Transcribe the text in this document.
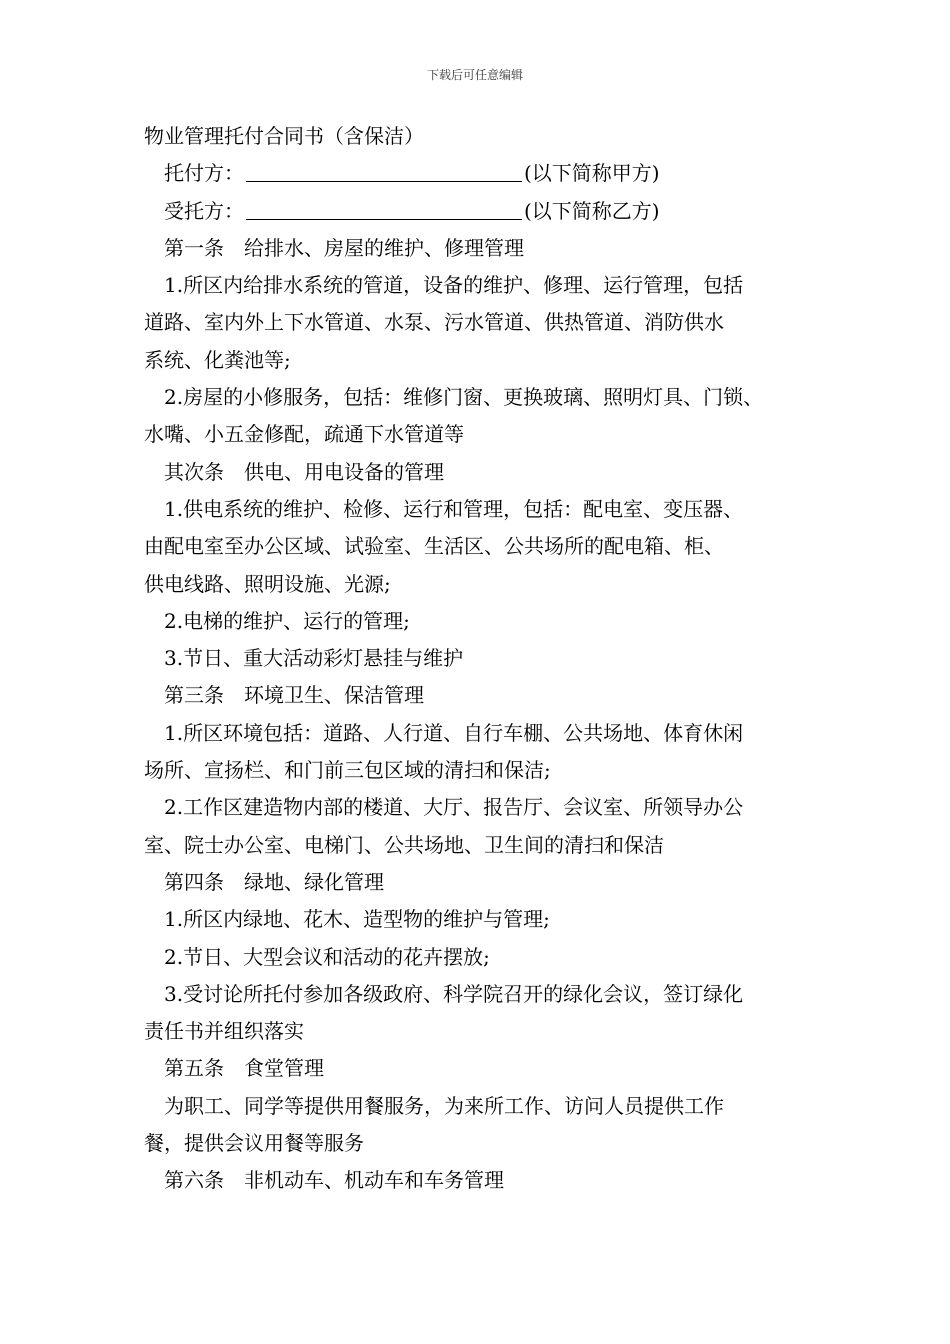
下载后可任意编辑

物业管理托付合同书（含保洁）

托付方：	(以下简称甲方)

受托方：	(以下简称乙方)

第一条　给排水、房屋的维护、修理管理

1.所区内给排水系统的管道，设备的维护、修理、运行管理，包括

道路、室内外上下水管道、水泵、污水管道、供热管道、消防供水

系统、化粪池等;

2.房屋的小修服务，包括：维修门窗、更换玻璃、照明灯具、门锁、

水嘴、小五金修配，疏通下水管道等

其次条　供电、用电设备的管理

1.供电系统的维护、检修、运行和管理，包括：配电室、变压器、

由配电室至办公区域、试验室、生活区、公共场所的配电箱、柜、

供电线路、照明设施、光源;

2.电梯的维护、运行的管理;

3.节日、重大活动彩灯悬挂与维护

第三条　环境卫生、保洁管理

1.所区环境包括：道路、人行道、自行车棚、公共场地、体育休闲

场所、宣扬栏、和门前三包区域的清扫和保洁;

2.工作区建造物内部的楼道、大厅、报告厅、会议室、所领导办公

室、院士办公室、电梯门、公共场地、卫生间的清扫和保洁

第四条　绿地、绿化管理

1.所区内绿地、花木、造型物的维护与管理;

2.节日、大型会议和活动的花卉摆放;

3.受讨论所托付参加各级政府、科学院召开的绿化会议，签订绿化

责任书并组织落实

第五条　食堂管理

为职工、同学等提供用餐服务，为来所工作、访问人员提供工作

餐，提供会议用餐等服务

第六条　非机动车、机动车和车务管理
